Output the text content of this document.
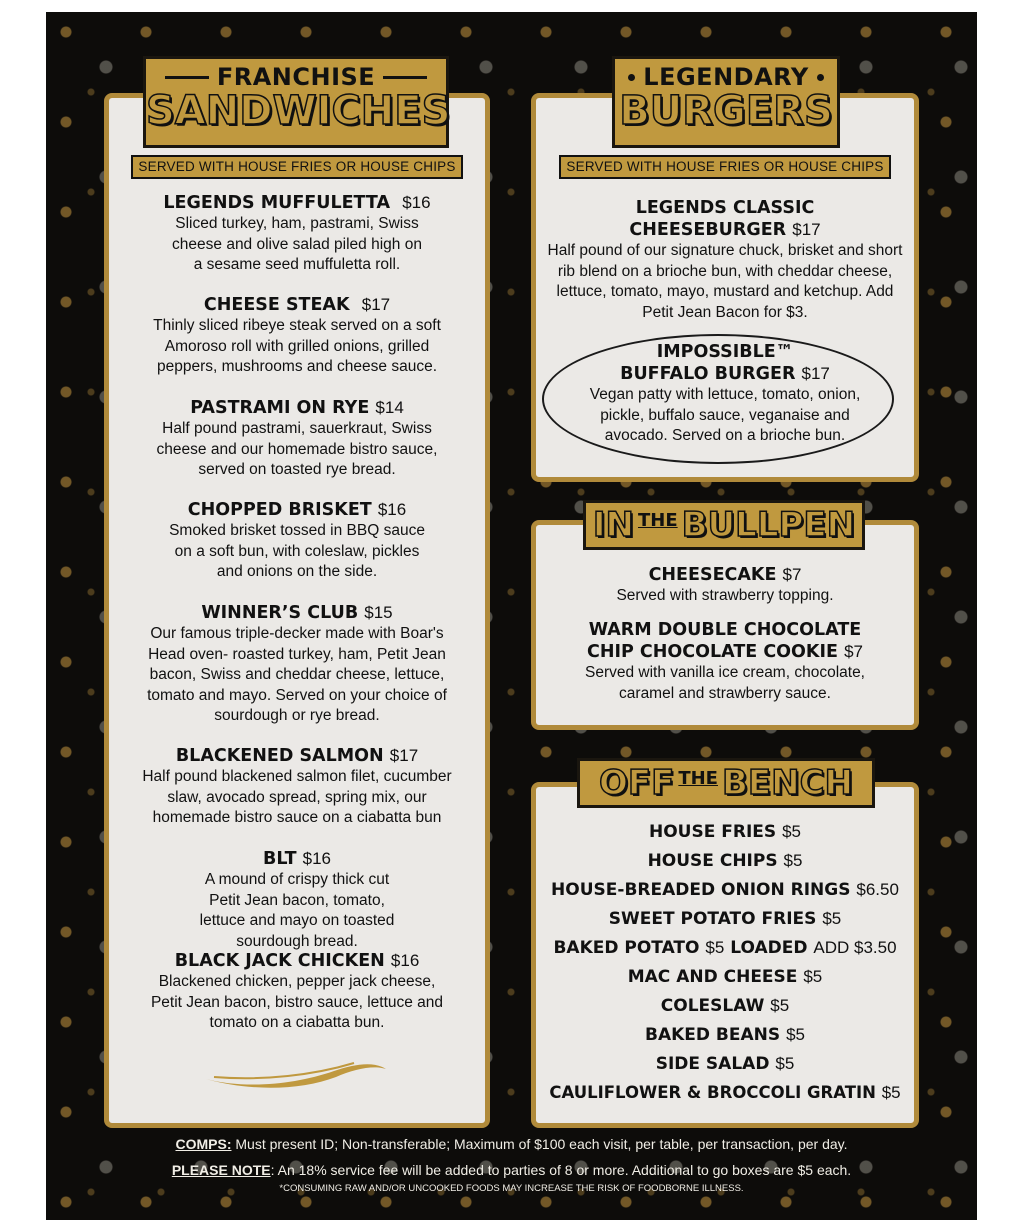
FRANCHISE
SANDWICHES
SERVED WITH HOUSE FRIES OR HOUSE CHIPS
LEGENDS MUFFULETTA $16
Sliced turkey, ham, pastrami, Swiss cheese and olive salad piled high on a sesame seed muffuletta roll.
CHEESE STEAK $17
Thinly sliced ribeye steak served on a soft Amoroso roll with grilled onions, grilled peppers, mushrooms and cheese sauce.
PASTRAMI ON RYE $14
Half pound pastrami, sauerkraut, Swiss cheese and our homemade bistro sauce, served on toasted rye bread.
CHOPPED BRISKET $16
Smoked brisket tossed in BBQ sauce on a soft bun, with coleslaw, pickles and onions on the side.
WINNER’S CLUB $15
Our famous triple-decker made with Boar's Head oven- roasted turkey, ham, Petit Jean bacon, Swiss and cheddar cheese, lettuce, tomato and mayo. Served on your choice of sourdough or rye bread.
BLACKENED SALMON $17
Half pound blackened salmon filet, cucumber slaw, avocado spread, spring mix, our homemade bistro sauce on a ciabatta bun
BLT $16
A mound of crispy thick cut Petit Jean bacon, tomato, lettuce and mayo on toasted sourdough bread.
BLACK JACK CHICKEN $16
Blackened chicken, pepper jack cheese, Petit Jean bacon, bistro sauce, lettuce and tomato on a ciabatta bun.
LEGENDARY
BURGERS
SERVED WITH HOUSE FRIES OR HOUSE CHIPS
LEGENDS CLASSIC
CHEESEBURGER $17
Half pound of our signature chuck, brisket and short rib blend on a brioche bun, with cheddar cheese, lettuce, tomato, mayo, mustard and ketchup. Add Petit Jean Bacon for $3.
IMPOSSIBLE™
BUFFALO BURGER $17
Vegan patty with lettuce, tomato, onion, pickle, buffalo sauce, veganaise and avocado. Served on a brioche bun.
IN THE BULLPEN
CHEESECAKE $7
Served with strawberry topping.
WARM DOUBLE CHOCOLATE
CHIP CHOCOLATE COOKIE $7
Served with vanilla ice cream, chocolate, caramel and strawberry sauce.
OFF THE BENCH
HOUSE FRIES $5
HOUSE CHIPS $5
HOUSE-BREADED ONION RINGS $6.50
SWEET POTATO FRIES $5
BAKED POTATO $5 LOADED ADD $3.50
MAC AND CHEESE $5
COLESLAW $5
BAKED BEANS $5
SIDE SALAD $5
CAULIFLOWER & BROCCOLI GRATIN $5
COMPS: Must present ID; Non-transferable; Maximum of $100 each visit, per table, per transaction, per day.
PLEASE NOTE: An 18% service fee will be added to parties of 8 or more. Additional to go boxes are $5 each.
*CONSUMING RAW AND/OR UNCOOKED FOODS MAY INCREASE THE RISK OF FOODBORNE ILLNESS.
